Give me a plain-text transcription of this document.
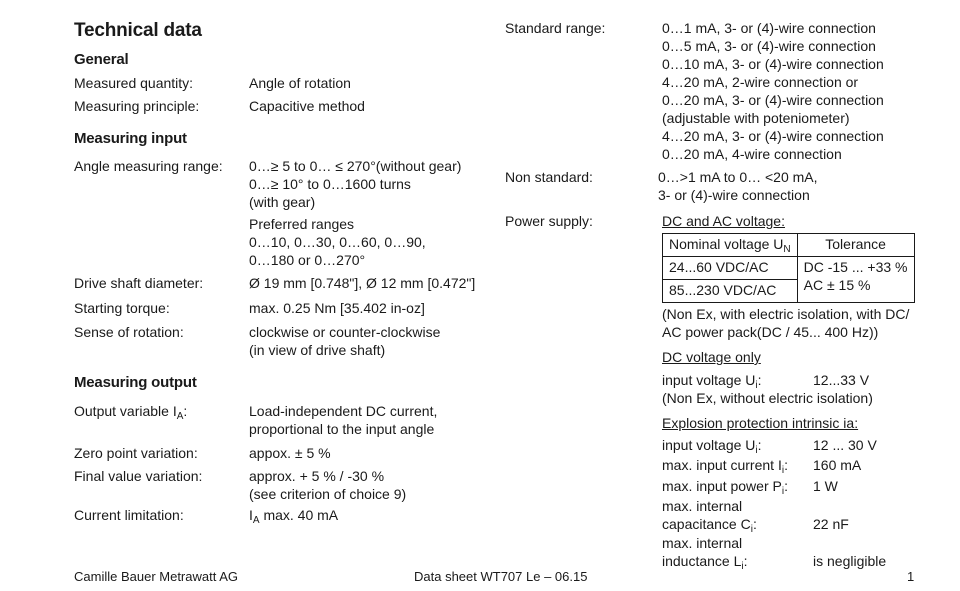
Technical data
General
Measured quantity:	Angle of rotation
Measuring principle:	Capacitive method
Measuring input
Angle measuring range: 0…≥ 5 to 0… ≤ 270°(without gear)
0…≥ 10° to 0…1600 turns
(with gear)
Preferred ranges
0…10, 0…30, 0…60, 0…90,
0…180 or 0…270°
Drive shaft diameter:	Ø 19 mm [0.748"], Ø 12 mm [0.472"]
Starting torque:	max. 0.25 Nm [35.402 in-oz]
Sense of rotation:	clockwise or counter-clockwise
(in view of drive shaft)
Measuring output
Output variable $I_A$:	Load-independent DC current,
proportional to the input angle
Zero point variation:	appox. ± 5 %
Final value variation:	approx. + 5 % / -30 %
(see criterion of choice 9)
Current limitation:	$I_A$ max. 40 mA
Standard range:	0…1 mA, 3- or (4)-wire connection
0…5 mA, 3- or (4)-wire connection
0…10 mA, 3- or (4)-wire connection
4…20 mA, 2-wire connection or
0…20 mA, 3- or (4)-wire connection
(adjustable with poteniometer)
4…20 mA, 3- or (4)-wire connection
0…20 mA, 4-wire connection
Non standard:	0…>1 mA to 0… <20 mA,
3- or (4)-wire connection
Power supply:	DC and AC voltage:
Nominal voltage $U_N$	Tolerance
24...60 VDC/AC	DC -15 ... +33 %
AC ± 15 %

85...230 VDC/AC	
(Non Ex, with electric isolation, with DC/
AC power pack(DC / 45... 400 Hz))
DC voltage only
input voltage $U_i$:	12...33 V
(Non Ex, without electric isolation)
Explosion protection intrinsic ia:
input voltage $U_i$:	12 ... 30 V
max. input current $I_i$: 160 mA
max. input power $P_i$: 1 W
max. internal
capacitance $C_i$:	22 nF
max. internal
inductance $L_i$:	is negligible
Camille Bauer Metrawatt AG	Data sheet WT707 Le – 06.15	1
